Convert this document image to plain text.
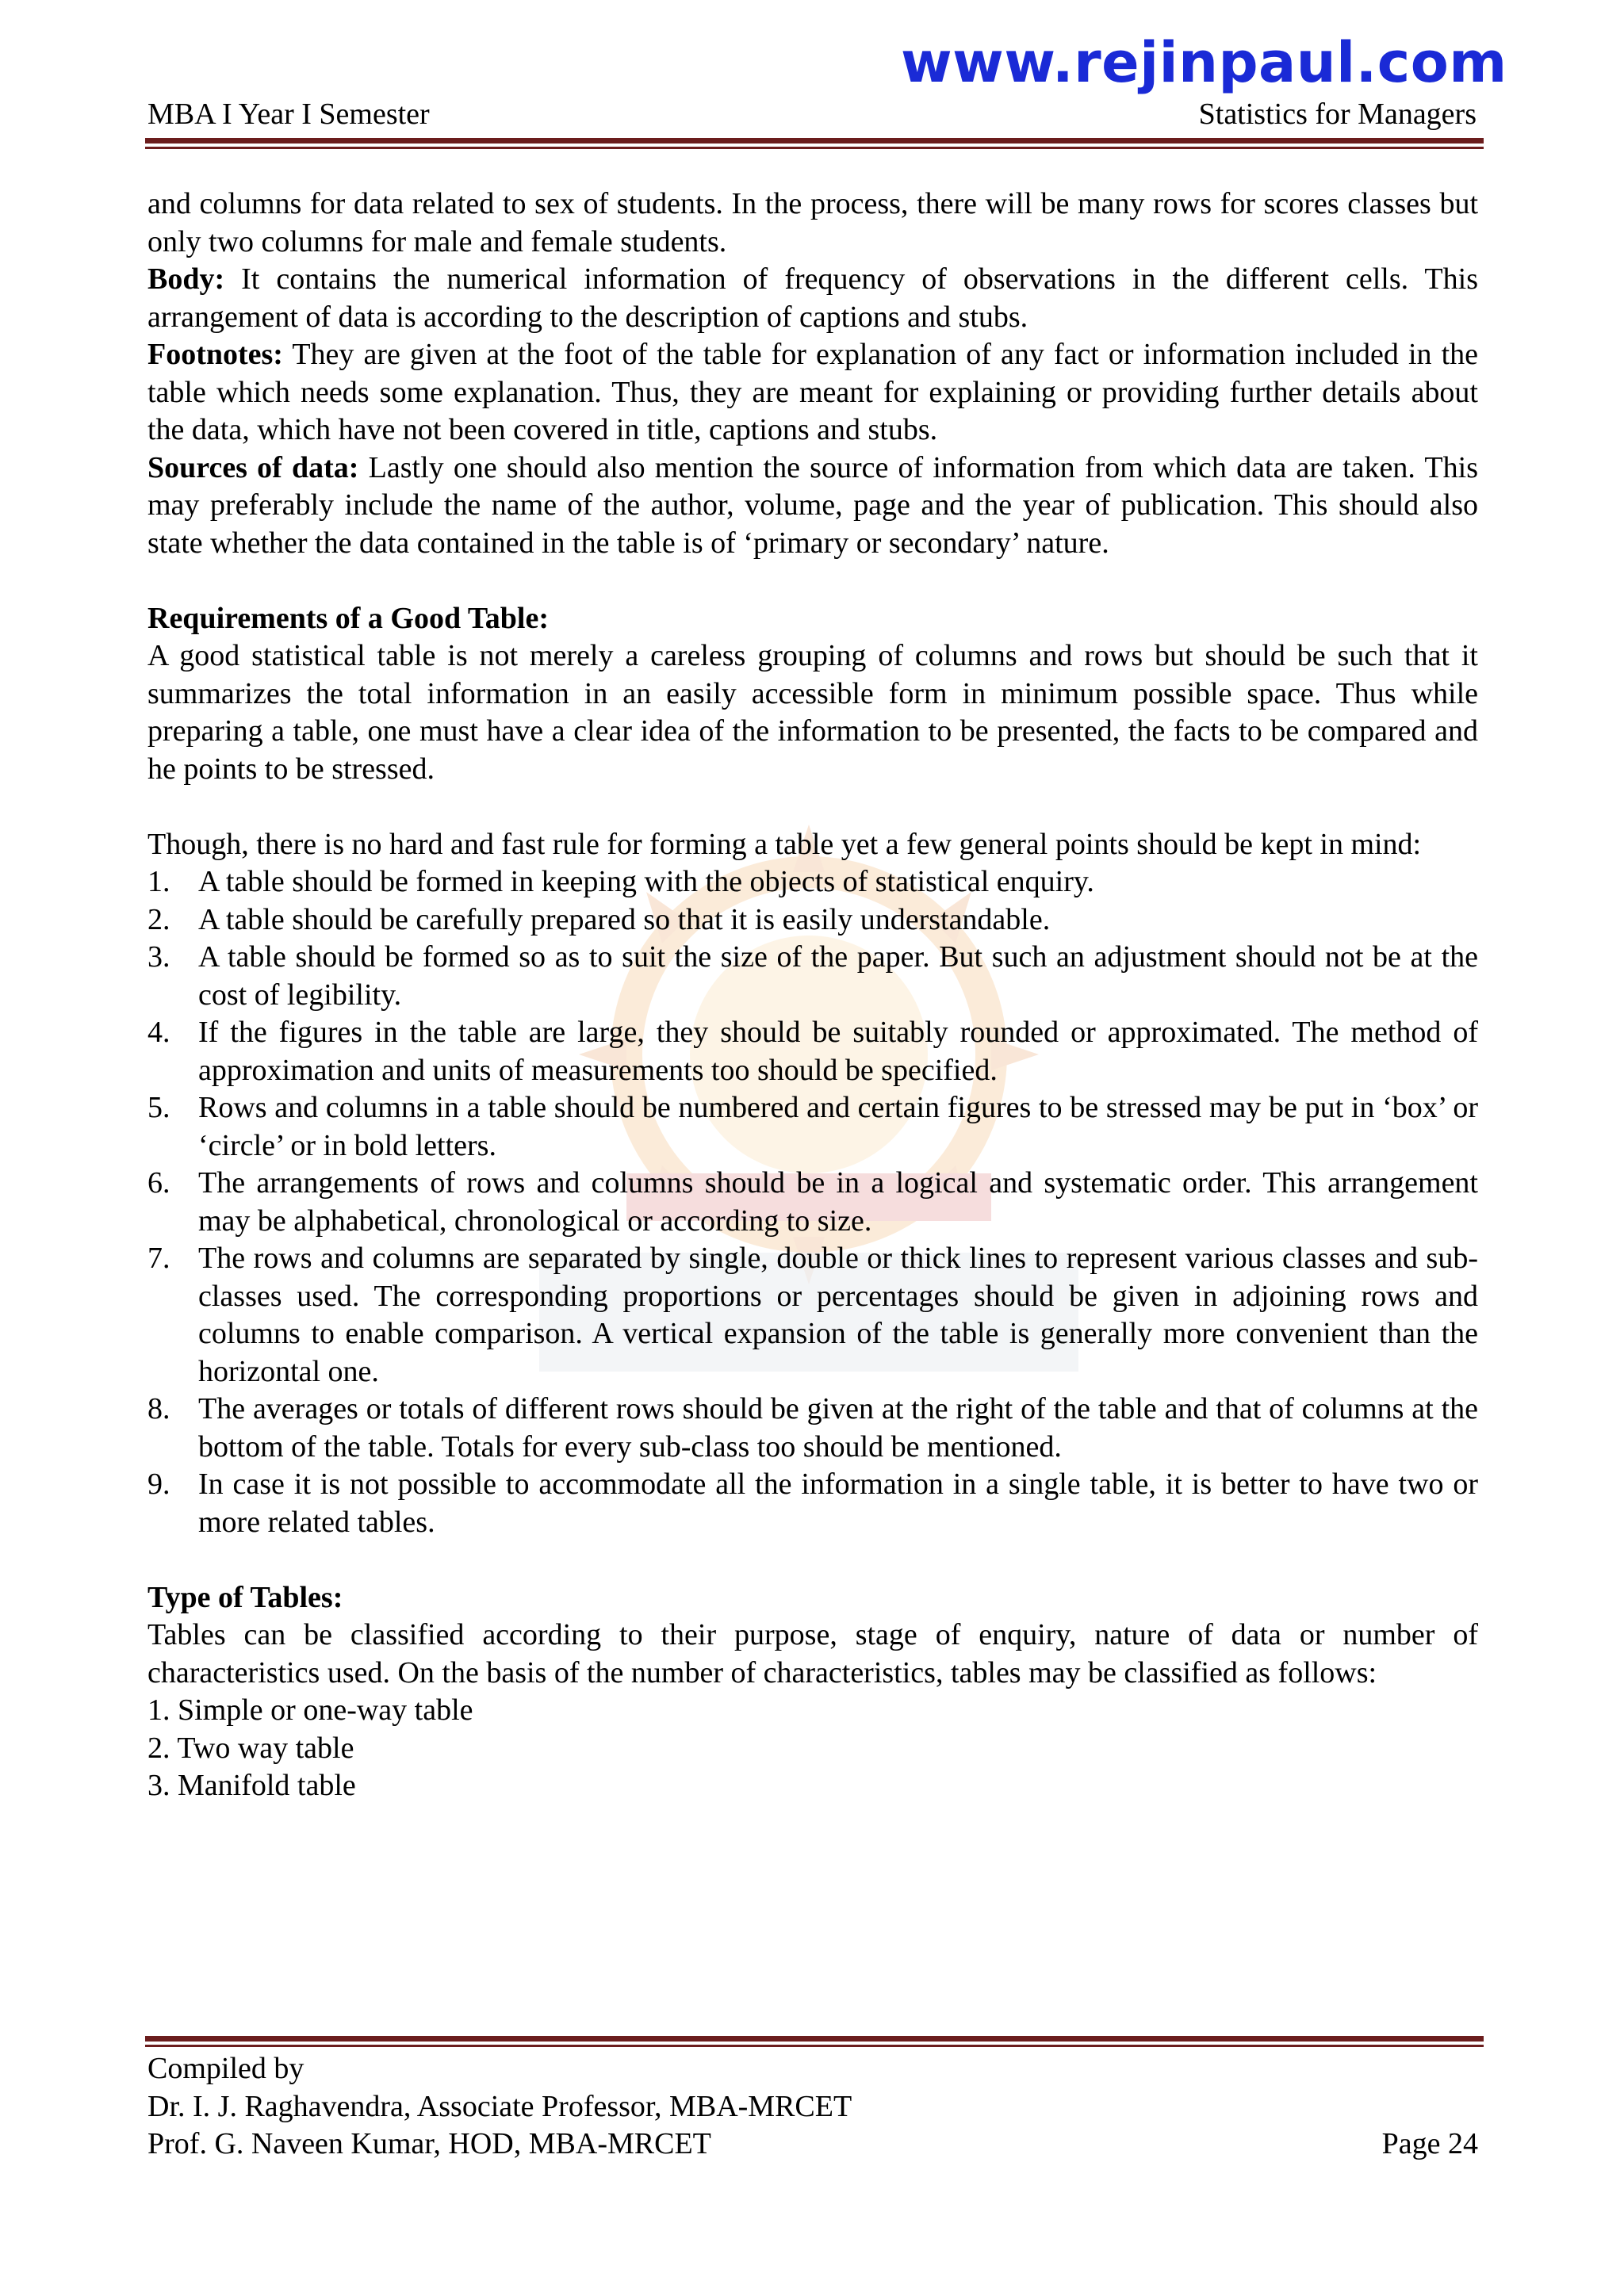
www.rejinpaul.com
MBA I Year I Semester	Statistics for Managers

and columns for data related to sex of students. In the process, there will be many rows for scores classes but only two columns for male and female students.

Body: It contains the numerical information of frequency of observations in the different cells. This arrangement of data is according to the description of captions and stubs.

Footnotes: They are given at the foot of the table for explanation of any fact or information included in the table which needs some explanation. Thus, they are meant for explaining or providing further details about the data, which have not been covered in title, captions and stubs.

Sources of data: Lastly one should also mention the source of information from which data are taken. This may preferably include the name of the author, volume, page and the year of publication. This should also state whether the data contained in the table is of ‘primary or secondary’ nature.

Requirements of a Good Table:

A good statistical table is not merely a careless grouping of columns and rows but should be such that it summarizes the total information in an easily accessible form in minimum possible space. Thus while preparing a table, one must have a clear idea of the information to be presented, the facts to be compared and he points to be stressed.

Though, there is no hard and fast rule for forming a table yet a few general points should be kept in mind:

1. A table should be formed in keeping with the objects of statistical enquiry.
2. A table should be carefully prepared so that it is easily understandable.
3. A table should be formed so as to suit the size of the paper. But such an adjustment should not be at the cost of legibility.
4. If the figures in the table are large, they should be suitably rounded or approximated. The method of approximation and units of measurements too should be specified.
5. Rows and columns in a table should be numbered and certain figures to be stressed may be put in ‘box’ or ‘circle’ or in bold letters.
6. The arrangements of rows and columns should be in a logical and systematic order. This arrangement may be alphabetical, chronological or according to size.
7. The rows and columns are separated by single, double or thick lines to represent various classes and sub-classes used. The corresponding proportions or percentages should be given in adjoining rows and columns to enable comparison. A vertical expansion of the table is generally more convenient than the horizontal one.
8. The averages or totals of different rows should be given at the right of the table and that of columns at the bottom of the table. Totals for every sub-class too should be mentioned.
9. In case it is not possible to accommodate all the information in a single table, it is better to have two or more related tables.

Type of Tables:

Tables can be classified according to their purpose, stage of enquiry, nature of data or number of characteristics used. On the basis of the number of characteristics, tables may be classified as follows:

1. Simple or one-way table

2. Two way table

3. Manifold table

Compiled by
Dr. I. J. Raghavendra, Associate Professor, MBA-MRCET
Prof. G. Naveen Kumar, HOD, MBA-MRCET	Page 24
